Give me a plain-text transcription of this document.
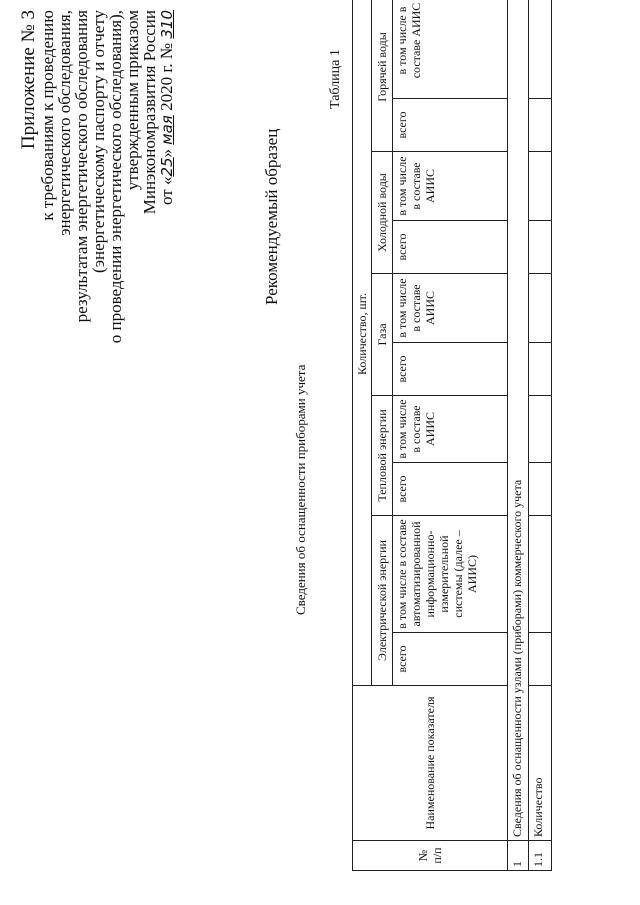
Приложение № 3 к требованиям к проведению
энергетического обследования,
результатам энергетического обследования
(энергетическому паспорту и отчету
о проведении энергетического обследования),
утвержденным приказом
Минэкономразвития России
от «25» мая 2020 г. № 310
Рекомендуемый образец
Сведения об оснащенности приборами учета
Таблица 1
№ п/п	Наименование показателя	Количество, шт.									
		Электрической энергии		Тепловой энергии		Газа		Холодной воды		Горячей воды	
		всего	в том числе в составе автоматизированной информационно-измерительной системы (далее – АИИС)	всего	в том числе в составе АИИС	всего	в том числе в составе АИИС	всего	в том числе в составе АИИС	всего	в том числе в составе АИИС
1	Сведения об оснащенности узлами (приборами) коммерческого учета										
1.1	Количество										
